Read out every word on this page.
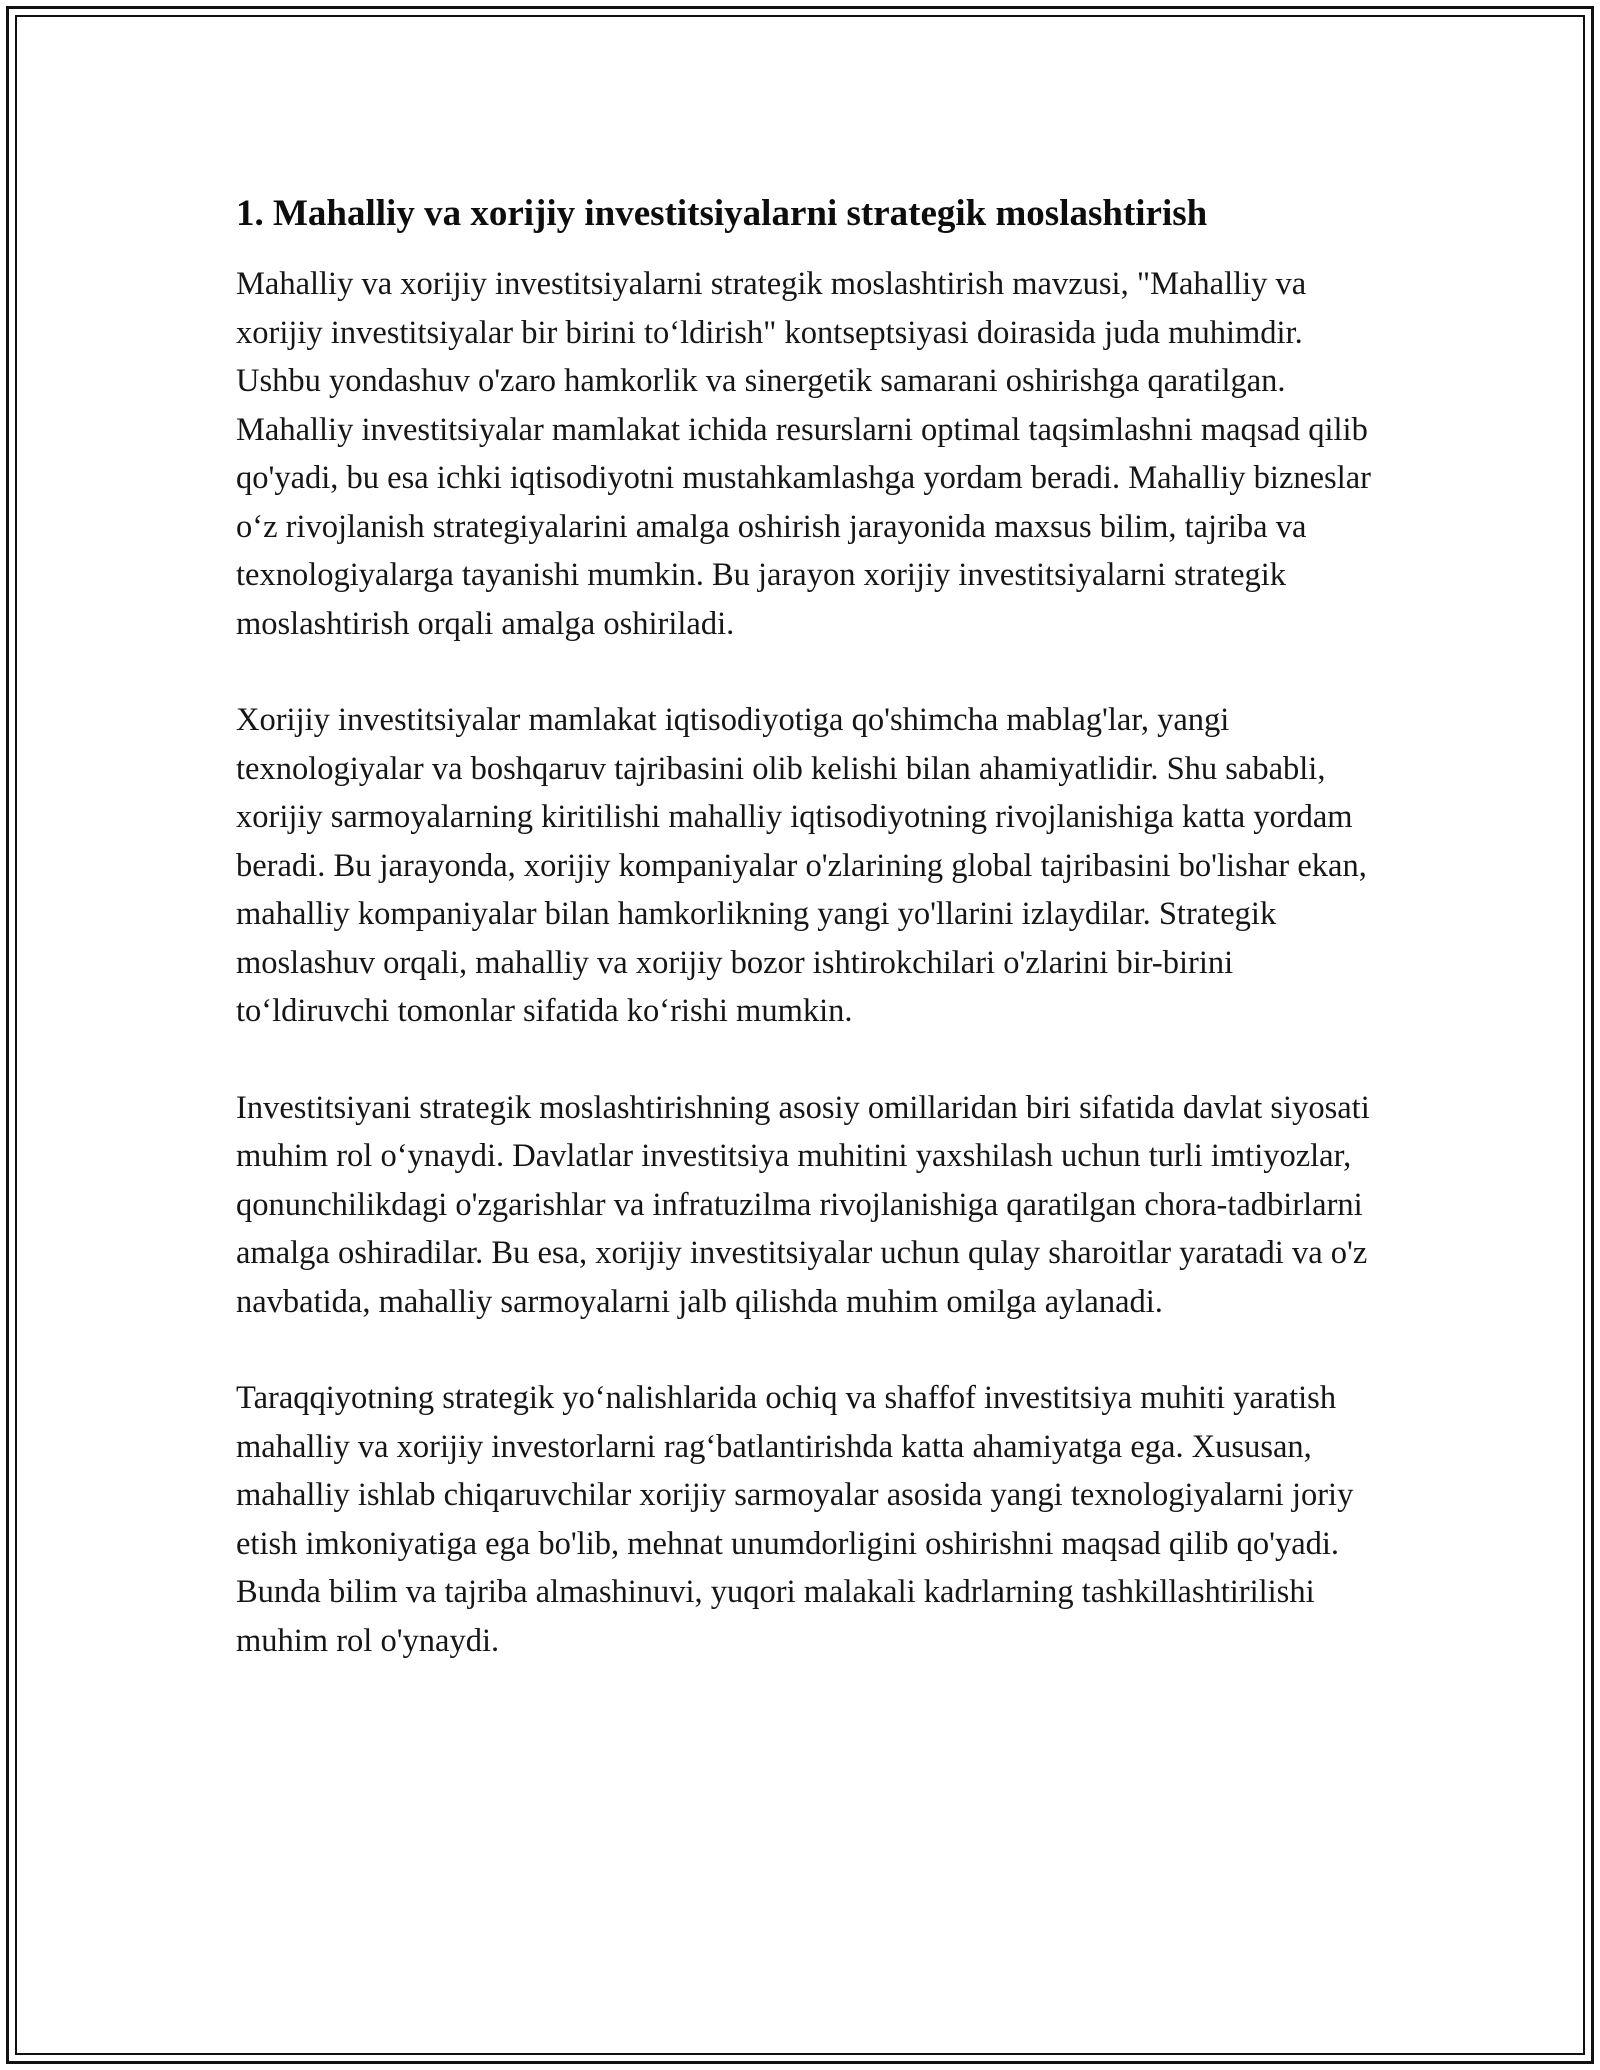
1. Mahalliy va xorijiy investitsiyalarni strategik moslashtirish

Mahalliy va xorijiy investitsiyalarni strategik moslashtirish mavzusi, "Mahalliy va xorijiy investitsiyalar bir birini to‘ldirish" kontseptsiyasi doirasida juda muhimdir. Ushbu yondashuv o'zaro hamkorlik va sinergetik samarani oshirishga qaratilgan. Mahalliy investitsiyalar mamlakat ichida resurslarni optimal taqsimlashni maqsad qilib qo'yadi, bu esa ichki iqtisodiyotni mustahkamlashga yordam beradi. Mahalliy bizneslar o‘z rivojlanish strategiyalarini amalga oshirish jarayonida maxsus bilim, tajriba va texnologiyalarga tayanishi mumkin. Bu jarayon xorijiy investitsiyalarni strategik moslashtirish orqali amalga oshiriladi.

Xorijiy investitsiyalar mamlakat iqtisodiyotiga qo'shimcha mablag'lar, yangi texnologiyalar va boshqaruv tajribasini olib kelishi bilan ahamiyatlidir. Shu sababli, xorijiy sarmoyalarning kiritilishi mahalliy iqtisodiyotning rivojlanishiga katta yordam beradi. Bu jarayonda, xorijiy kompaniyalar o'zlarining global tajribasini bo'lishar ekan, mahalliy kompaniyalar bilan hamkorlikning yangi yo'llarini izlaydilar. Strategik moslashuv orqali, mahalliy va xorijiy bozor ishtirokchilari o'zlarini bir-birini to‘ldiruvchi tomonlar sifatida ko‘rishi mumkin.

Investitsiyani strategik moslashtirishning asosiy omillaridan biri sifatida davlat siyosati muhim rol o‘ynaydi. Davlatlar investitsiya muhitini yaxshilash uchun turli imtiyozlar, qonunchilikdagi o'zgarishlar va infratuzilma rivojlanishiga qaratilgan chora-tadbirlarni amalga oshiradilar. Bu esa, xorijiy investitsiyalar uchun qulay sharoitlar yaratadi va o'z navbatida, mahalliy sarmoyalarni jalb qilishda muhim omilga aylanadi.

Taraqqiyotning strategik yo‘nalishlarida ochiq va shaffof investitsiya muhiti yaratish mahalliy va xorijiy investorlarni rag‘batlantirishda katta ahamiyatga ega. Xususan, mahalliy ishlab chiqaruvchilar xorijiy sarmoyalar asosida yangi texnologiyalarni joriy etish imkoniyatiga ega bo'lib, mehnat unumdorligini oshirishni maqsad qilib qo'yadi. Bunda bilim va tajriba almashinuvi, yuqori malakali kadrlarning tashkillashtirilishi muhim rol o'ynaydi.
